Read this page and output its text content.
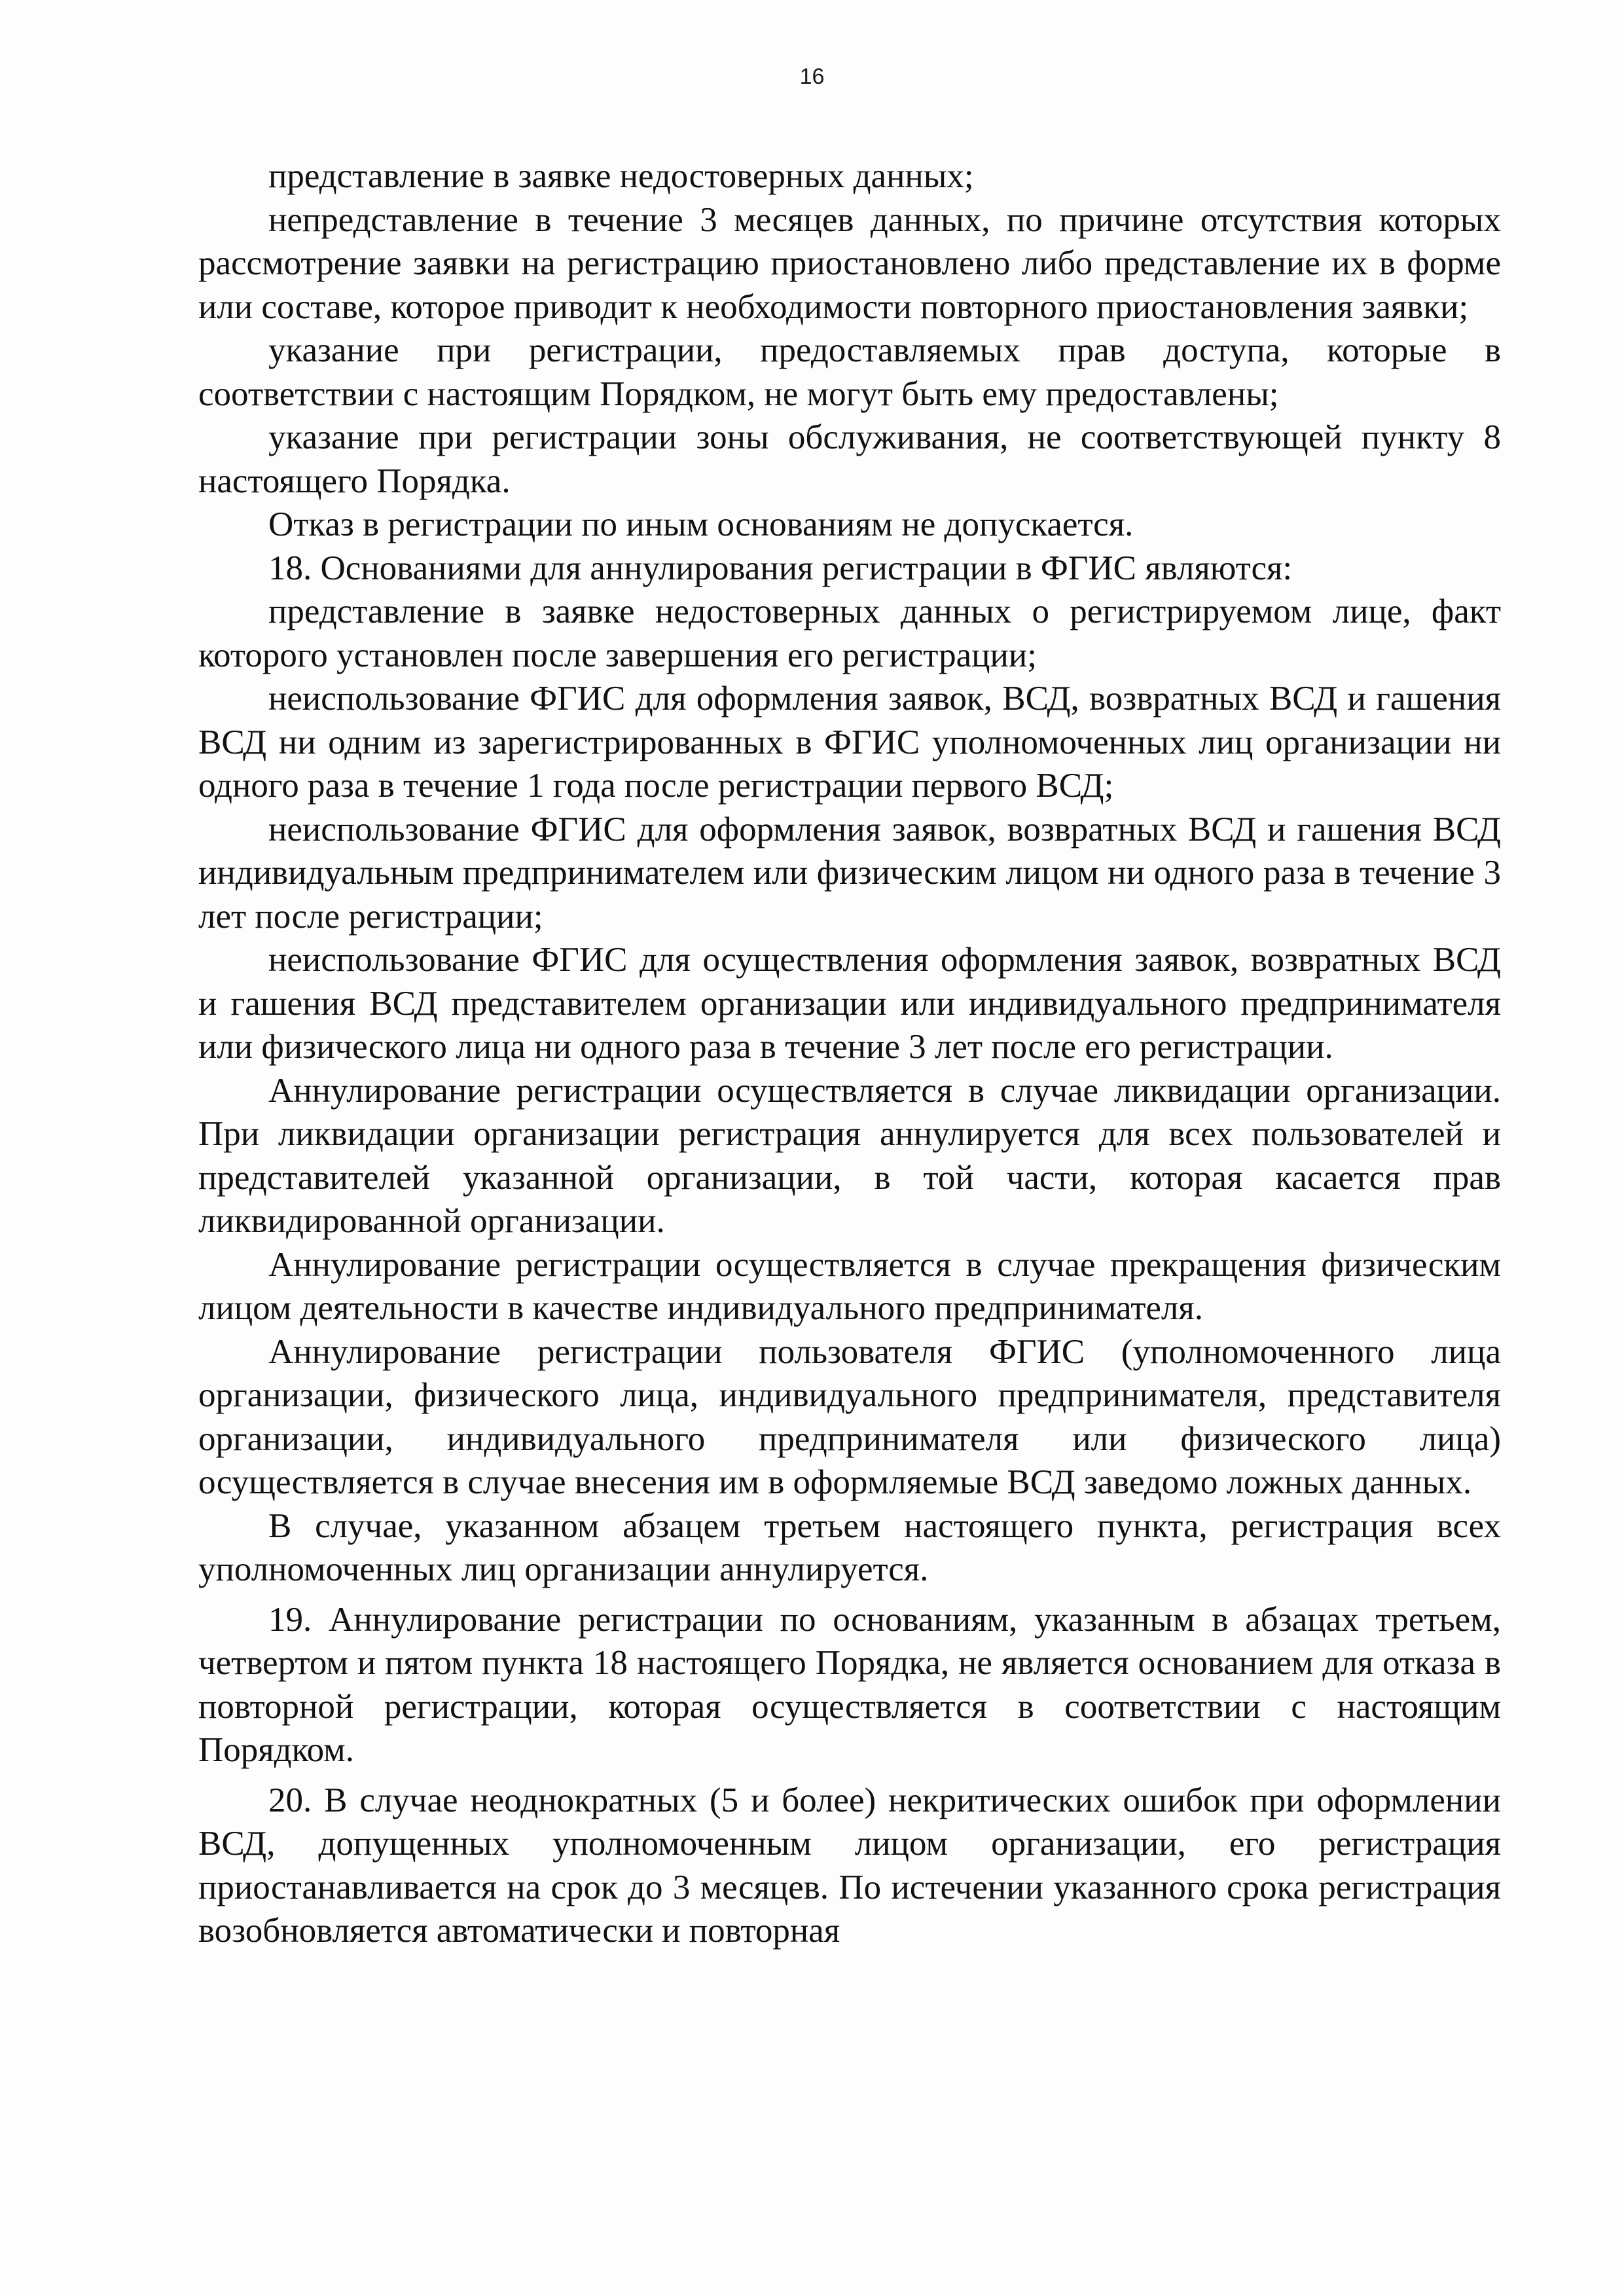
16

представление в заявке недостоверных данных;

непредставление в течение 3 месяцев данных, по причине отсутствия которых рассмотрение заявки на регистрацию приостановлено либо представление их в форме или составе, которое приводит к необходимости повторного приостановления заявки;

указание при регистрации, предоставляемых прав доступа, которые в соответствии с настоящим Порядком, не могут быть ему предоставлены;

указание при регистрации зоны обслуживания, не соответствующей пункту 8 настоящего Порядка.

Отказ в регистрации по иным основаниям не допускается.

18. Основаниями для аннулирования регистрации в ФГИС являются:

представление в заявке недостоверных данных о регистрируемом лице, факт которого установлен после завершения его регистрации;

неиспользование ФГИС для оформления заявок, ВСД, возвратных ВСД и гашения ВСД ни одним из зарегистрированных в ФГИС уполномоченных лиц организации ни одного раза в течение 1 года после регистрации первого ВСД;

неиспользование ФГИС для оформления заявок, возвратных ВСД и гашения ВСД индивидуальным предпринимателем или физическим лицом ни одного раза в течение 3 лет после регистрации;

неиспользование ФГИС для осуществления оформления заявок, возвратных ВСД и гашения ВСД представителем организации или индивидуального предпринимателя или физического лица ни одного раза в течение 3 лет после его регистрации.

Аннулирование регистрации осуществляется в случае ликвидации организации. При ликвидации организации регистрация аннулируется для всех пользователей и представителей указанной организации, в той части, которая касается прав ликвидированной организации.

Аннулирование регистрации осуществляется в случае прекращения физическим лицом деятельности в качестве индивидуального предпринимателя.

Аннулирование регистрации пользователя ФГИС (уполномоченного лица организации, физического лица, индивидуального предпринимателя, представителя организации, индивидуального предпринимателя или физического лица) осуществляется в случае внесения им в оформляемые ВСД заведомо ложных данных.

В случае, указанном абзацем третьем настоящего пункта, регистрация всех уполномоченных лиц организации аннулируется.

19. Аннулирование регистрации по основаниям, указанным в абзацах третьем, четвертом и пятом пункта 18 настоящего Порядка, не является основанием для отказа в повторной регистрации, которая осуществляется в соответствии с настоящим Порядком.

20. В случае неоднократных (5 и более) некритических ошибок при оформлении ВСД, допущенных уполномоченным лицом организации, его регистрация приостанавливается на срок до 3 месяцев. По истечении указанного срока регистрация возобновляется автоматически и повторная
